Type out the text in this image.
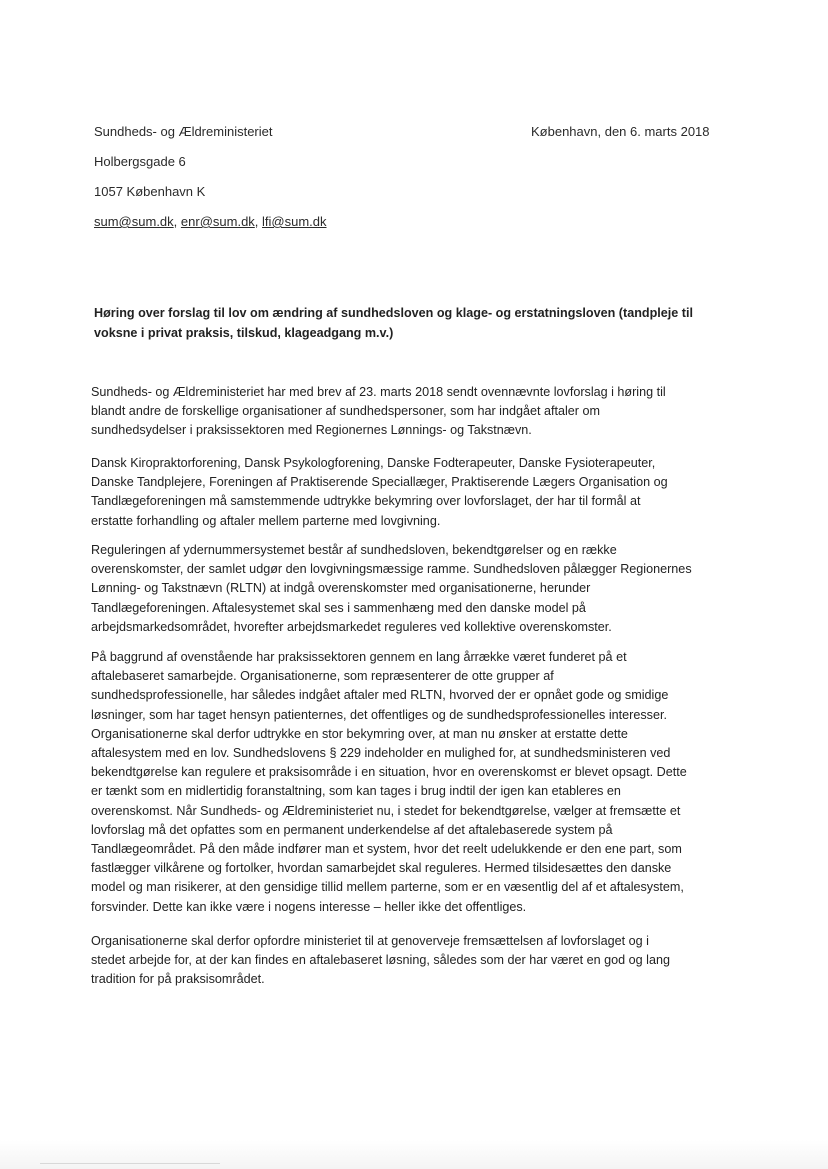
Sundheds- og Ældreministeriet	København, den 6. marts 2018
Holbergsgade 6
1057 København K
sum@sum.dk, enr@sum.dk, lfi@sum.dk
Høring over forslag til lov om ændring af sundhedsloven og klage- og erstatningsloven (tandpleje til
voksne i privat praksis, tilskud, klageadgang m.v.)
Sundheds- og Ældreministeriet har med brev af 23. marts 2018 sendt ovennævnte lovforslag i høring til
blandt andre de forskellige organisationer af sundhedspersoner, som har indgået aftaler om
sundhedsydelser i praksissektoren med Regionernes Lønnings- og Takstnævn.
Dansk Kiropraktorforening, Dansk Psykologforening, Danske Fodterapeuter, Danske Fysioterapeuter,
Danske Tandplejere, Foreningen af Praktiserende Speciallæger, Praktiserende Lægers Organisation og
Tandlægeforeningen må samstemmende udtrykke bekymring over lovforslaget, der har til formål at
erstatte forhandling og aftaler mellem parterne med lovgivning.
Reguleringen af ydernummersystemet består af sundhedsloven, bekendtgørelser og en række
overenskomster, der samlet udgør den lovgivningsmæssige ramme. Sundhedsloven pålægger Regionernes
Lønning- og Takstnævn (RLTN) at indgå overenskomster med organisationerne, herunder
Tandlægeforeningen. Aftalesystemet skal ses i sammenhæng med den danske model på
arbejdsmarkedsområdet, hvorefter arbejdsmarkedet reguleres ved kollektive overenskomster.
På baggrund af ovenstående har praksissektoren gennem en lang årrække været funderet på et
aftalebaseret samarbejde. Organisationerne, som repræsenterer de otte grupper af
sundhedsprofessionelle, har således indgået aftaler med RLTN, hvorved der er opnået gode og smidige
løsninger, som har taget hensyn patienternes, det offentliges og de sundhedsprofessionelles interesser.
Organisationerne skal derfor udtrykke en stor bekymring over, at man nu ønsker at erstatte dette
aftalesystem med en lov. Sundhedslovens § 229 indeholder en mulighed for, at sundhedsministeren ved
bekendtgørelse kan regulere et praksisområde i en situation, hvor en overenskomst er blevet opsagt. Dette
er tænkt som en midlertidig foranstaltning, som kan tages i brug indtil der igen kan etableres en
overenskomst. Når Sundheds- og Ældreministeriet nu, i stedet for bekendtgørelse, vælger at fremsætte et
lovforslag må det opfattes som en permanent underkendelse af det aftalebaserede system på
Tandlægeområdet. På den måde indfører man et system, hvor det reelt udelukkende er den ene part, som
fastlægger vilkårene og fortolker, hvordan samarbejdet skal reguleres. Hermed tilsidesættes den danske
model og man risikerer, at den gensidige tillid mellem parterne, som er en væsentlig del af et aftalesystem,
forsvinder. Dette kan ikke være i nogens interesse – heller ikke det offentliges.
Organisationerne skal derfor opfordre ministeriet til at genoverveje fremsættelsen af lovforslaget og i
stedet arbejde for, at der kan findes en aftalebaseret løsning, således som der har været en god og lang
tradition for på praksisområdet.
